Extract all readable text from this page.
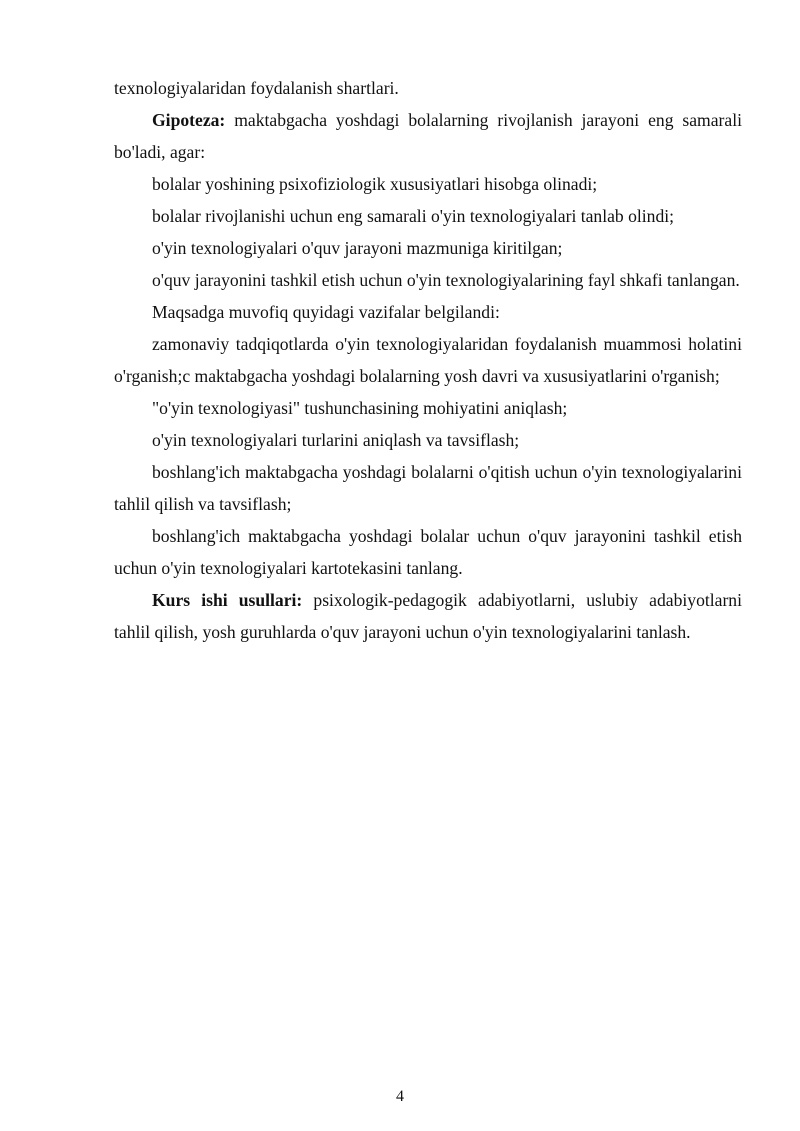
texnologiyalaridan foydalanish shartlari.

Gipoteza: maktabgacha yoshdagi bolalarning rivojlanish jarayoni eng samarali bo'ladi, agar:

bolalar yoshining psixofiziologik xususiyatlari hisobga olinadi;

bolalar rivojlanishi uchun eng samarali o'yin texnologiyalari tanlab olindi;

o'yin texnologiyalari o'quv jarayoni mazmuniga kiritilgan;

o'quv jarayonini tashkil etish uchun o'yin texnologiyalarining fayl shkafi tanlangan.

Maqsadga muvofiq quyidagi vazifalar belgilandi:

zamonaviy tadqiqotlarda o'yin texnologiyalaridan foydalanish muammosi holatini o'rganish;c maktabgacha yoshdagi bolalarning yosh davri va xususiyatlarini o'rganish;

"o'yin texnologiyasi" tushunchasining mohiyatini aniqlash;

o'yin texnologiyalari turlarini aniqlash va tavsiflash;

boshlang'ich maktabgacha yoshdagi bolalarni o'qitish uchun o'yin texnologiyalarini tahlil qilish va tavsiflash;

boshlang'ich maktabgacha yoshdagi bolalar uchun o'quv jarayonini tashkil etish uchun o'yin texnologiyalari kartotekasini tanlang.

Kurs ishi usullari: psixologik-pedagogik adabiyotlarni, uslubiy adabiyotlarni tahlil qilish, yosh guruhlarda o'quv jarayoni uchun o'yin texnologiyalarini tanlash.

4
